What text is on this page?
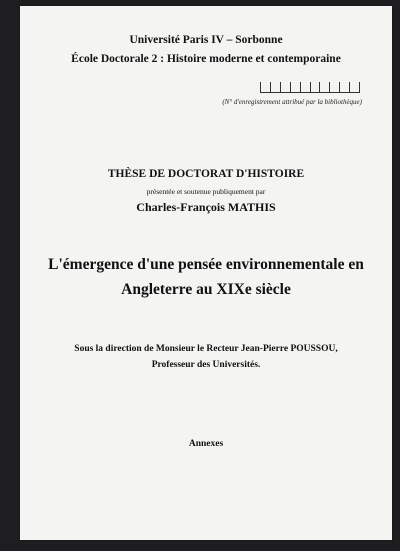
Université Paris IV – Sorbonne
École Doctorale 2 : Histoire moderne et contemporaine
(N° d'enregistrement attribué par la bibliothèque)
THÈSE DE DOCTORAT D'HISTOIRE
présentée et soutenue publiquement par
Charles-François MATHIS
L'émergence d'une pensée environnementale en
Angleterre au XIXe siècle
Sous la direction de Monsieur le Recteur Jean-Pierre POUSSOU,
Professeur des Universités.
Annexes
